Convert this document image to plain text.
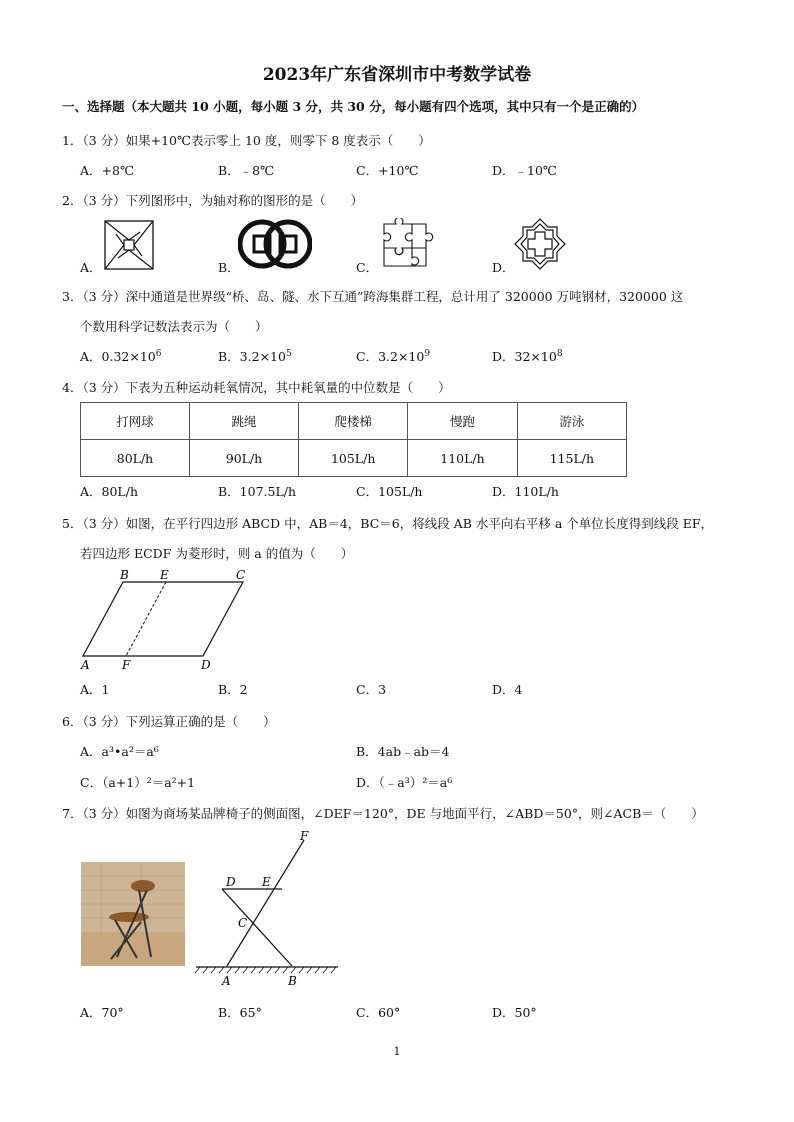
2023年广东省深圳市中考数学试卷
一、选择题（本大题共 10 小题，每小题 3 分，共 30 分，每小题有四个选项，其中只有一个是正确的）
1．（3 分）如果+10℃表示零上 10 度，则零下 8 度表示（　　）
A．+8℃	B．﹣8℃	C．+10℃	D．﹣10℃
2．（3 分）下列图形中，为轴对称的图形的是（　　）
A．	B．	C．	D．
3．（3 分）深中通道是世界级“桥、岛、隧、水下互通”跨海集群工程，总计用了 320000 万吨钢材，320000 这
个数用科学记数法表示为（　　）
A．$0.32\times 10^6$	B．$3.2\times 10^5$	C．$3.2\times 10^9$	D．$32\times 10^8$
4．（3 分）下表为五种运动耗氧情况，其中耗氧量的中位数是（　　）
打网球	跳绳	爬楼梯	慢跑	游泳
80L/h	90L/h	105L/h	110L/h	115L/h
A．80L/h	B．107.5L/h	C．105L/h	D．110L/h
5．（3 分）如图，在平行四边形 ABCD 中，AB＝4，BC＝6，将线段 AB 水平向右平移 a 个单位长度得到线段 EF，
若四边形 ECDF 为菱形时，则 a 的值为（　　）
B	E	C
A	F	D
A．1	B．2	C．3	D．4
6．（3 分）下列运算正确的是（　　）
A．a³•a²＝a⁶	B．4ab﹣ab＝4
C．（a+1）²＝a²+1	D．（﹣a³）²＝a⁶
7．（3 分）如图为商场某品牌椅子的侧面图，∠DEF＝120°，DE 与地面平行，∠ABD＝50°，则∠ACB＝（　　）
F
D E
C
A	B
A．70°	B．65°	C．60°	D．50°
1
